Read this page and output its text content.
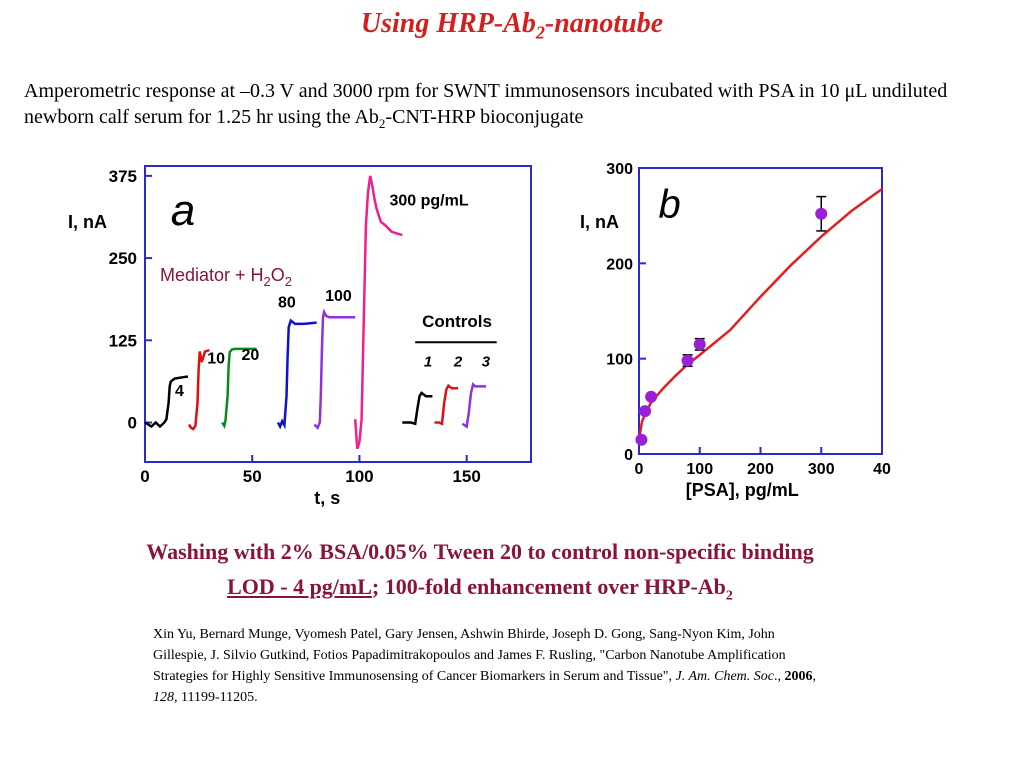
Using HRP-$Ab_2$-nanotube
Amperometric response at –0.3 V and 3000 rpm for SWNT immunosensors incubated with PSA in 10 μL undiluted newborn calf serum for 1.25 hr using the $Ab_2-CNT$-HRP bioconjugate
0
125
250
375
0	50	100	150
I, nA
t, s
a
Mediator + $H_2O_2$
4
10 20
80 100
300 pg/mL
1 2 3
Controls
0
100
200
300
0	100 200 300 40
I, nA
[PSA], pg/mL
b
Washing with 2% BSA/0.05% Tween 20 to control non-specific binding
LOD - 4 pg/mL; 100-fold enhancement over HRP-$Ab_2$
Xin Yu, Bernard Munge, Vyomesh Patel, Gary Jensen, Ashwin Bhirde, Joseph D. Gong, Sang-Nyon Kim, John Gillespie, J. Silvio Gutkind, Fotios Papadimitrakopoulos and James F. Rusling, "Carbon Nanotube Amplification Strategies for Highly Sensitive Immunosensing of Cancer Biomarkers in Serum and Tissue", J. Am. Chem. Soc., 2006, 128, 11199-11205.
